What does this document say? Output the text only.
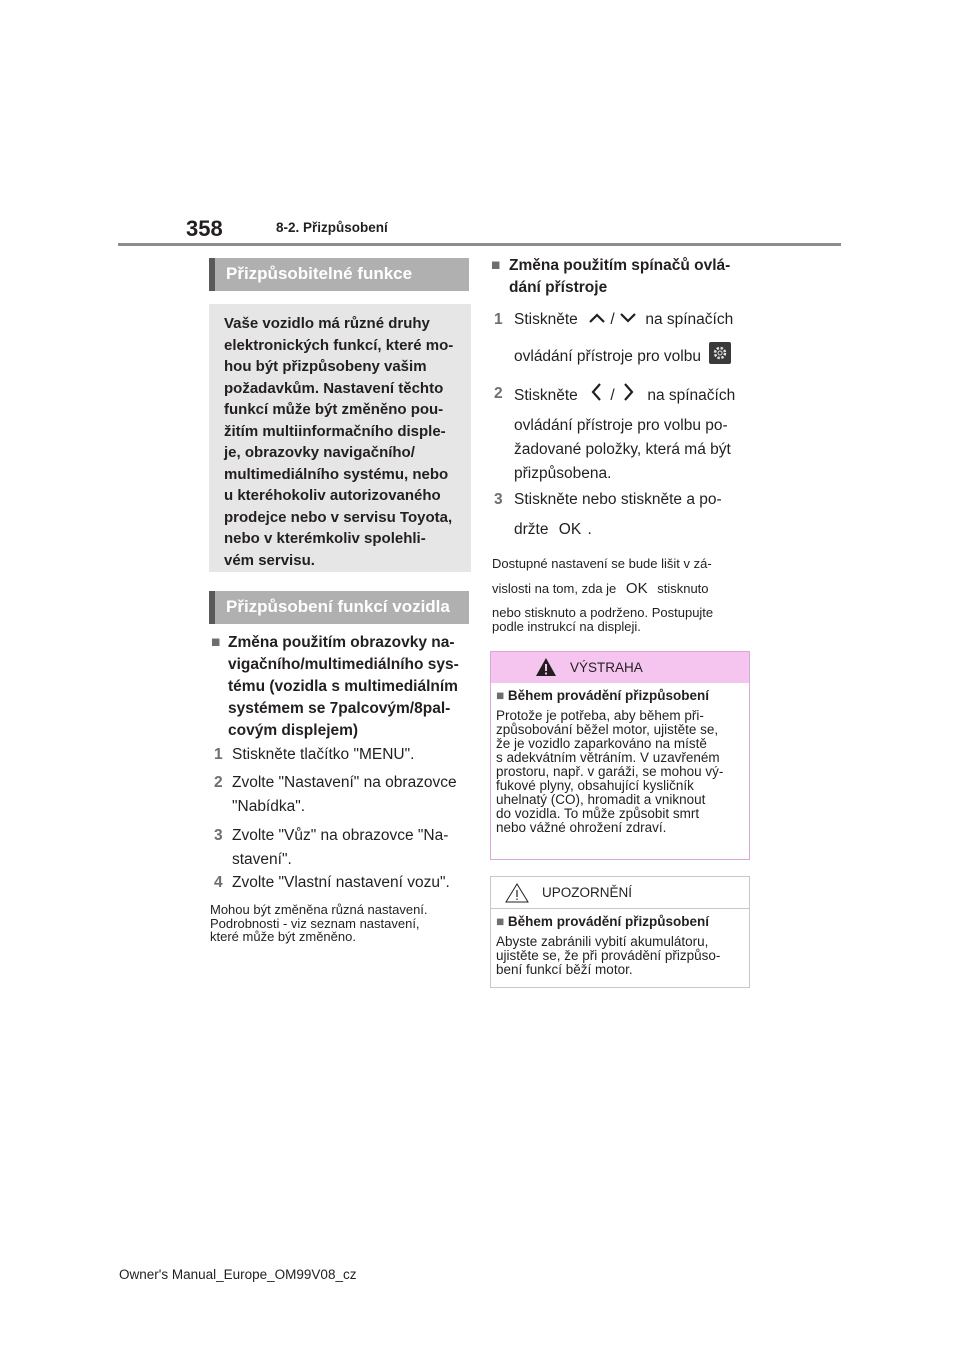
358	8-2. Přizpůsobení
Přizpůsobitelné funkce
Vaše vozidlo má různé druhy
elektronických funkcí, které mo-
hou být přizpůsobeny vašim
požadavkům. Nastavení těchto
funkcí může být změněno pou-
žitím multiinformačního disple-
je, obrazovky navigačního/
multimediálního systému, nebo
u kteréhokoliv autorizovaného
prodejce nebo v servisu Toyota,
nebo v kterémkoliv spolehli-
vém servisu.
Přizpůsobení funkcí vozidla
■ Změna použitím obrazovky na-
vigačního/multimediálního sys-
tému (vozidla s multimediálním
systémem se 7palcovým/8pal-
covým displejem)
1 Stiskněte tlačítko "MENU".
2 Zvolte "Nastavení" na obrazovce
"Nabídka".
3 Zvolte "Vůz" na obrazovce "Na-
stavení".
4 Zvolte "Vlastní nastavení vozu".
Mohou být změněna různá nastavení.
Podrobnosti - viz seznam nastavení,
které může být změněno.
■ Změna použitím spínačů ovlá-
dání přístroje
1 Stiskněte / na spínačích
ovládání přístroje pro volbu
2 Stiskněte / na spínačích
ovládání přístroje pro volbu po-
žadované položky, která má být
přizpůsobena.
3 Stiskněte nebo stiskněte a po-
držte OK .
Dostupné nastavení se bude lišit v zá-
vislosti na tom, zda je OK stisknuto
nebo stisknuto a podrženo. Postupujte
podle instrukcí na displeji.
VÝSTRAHA
■ Během provádění přizpůsobení
Protože je potřeba, aby během při-
způsobování běžel motor, ujistěte se,
že je vozidlo zaparkováno na místě
s adekvátním větráním. V uzavřeném
prostoru, např. v garáži, se mohou vý-
fukové plyny, obsahující kysličník
uhelnatý (CO), hromadit a vniknout
do vozidla. To může způsobit smrt
nebo vážné ohrožení zdraví.
UPOZORNĚNÍ
■ Během provádění přizpůsobení
Abyste zabránili vybití akumulátoru,
ujistěte se, že při provádění přizpůso-
bení funkcí běží motor.
Owner's Manual_Europe_OM99V08_cz
